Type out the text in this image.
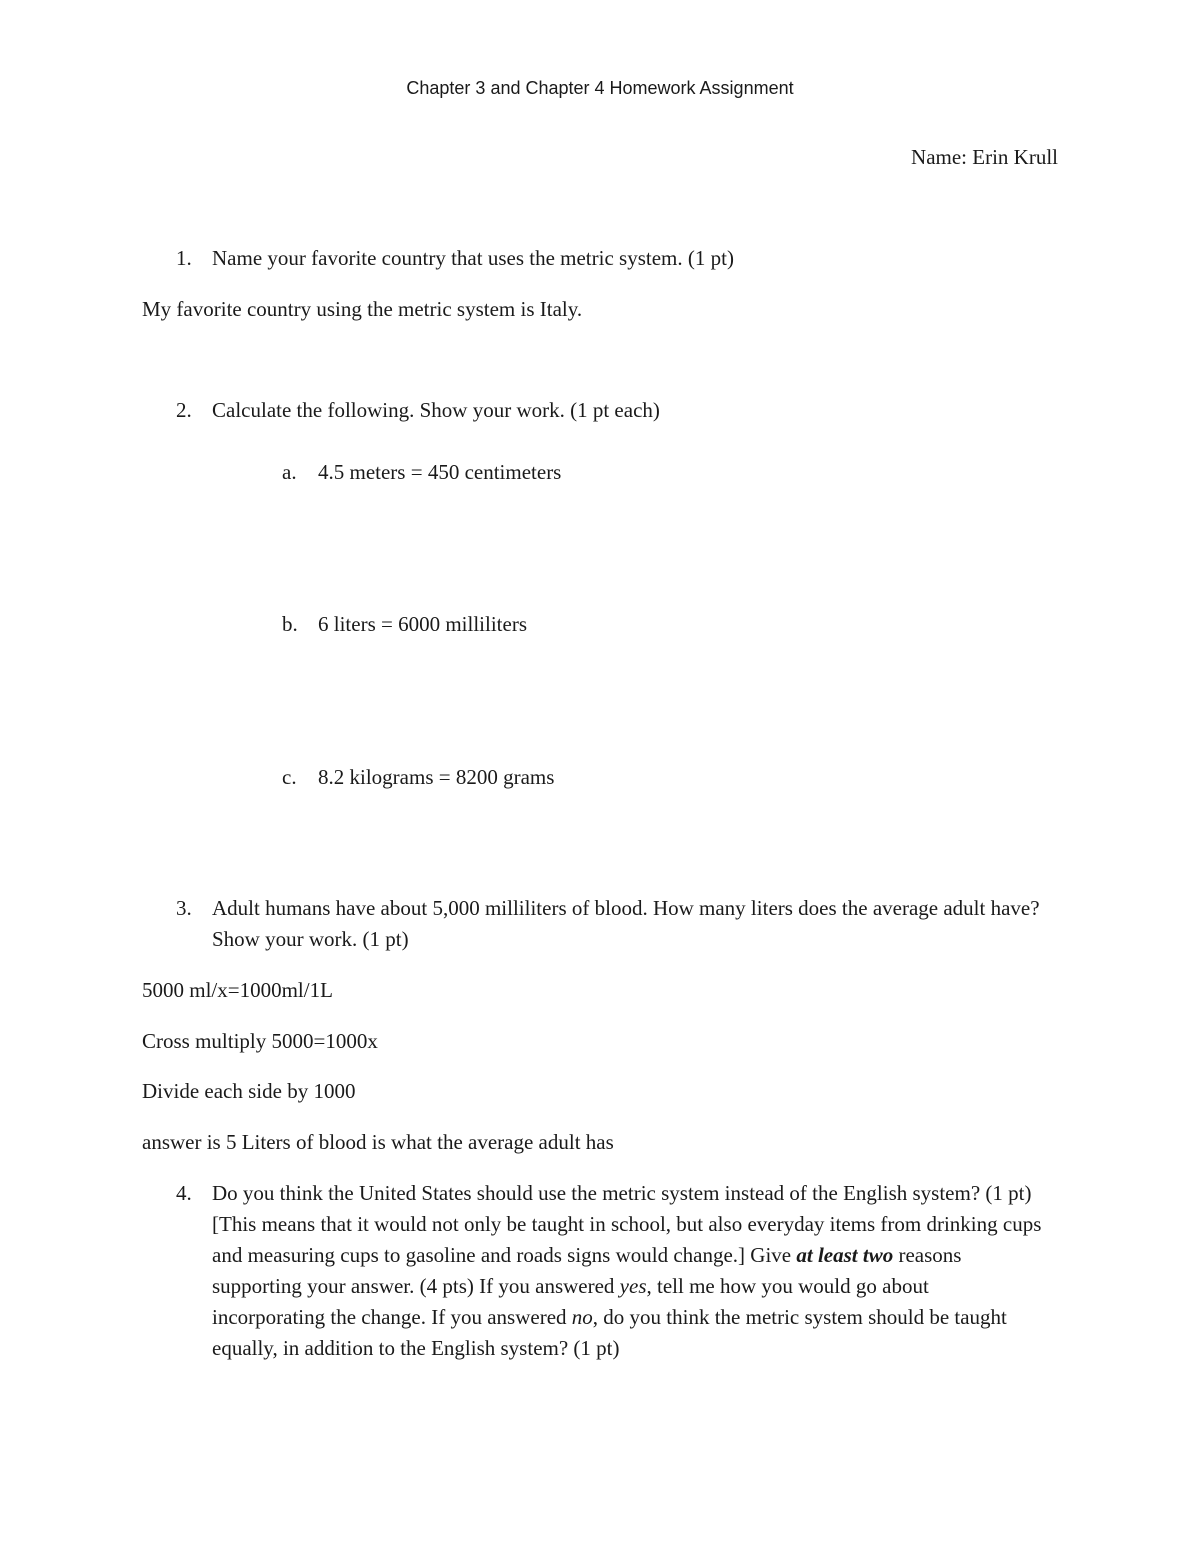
Chapter 3 and Chapter 4 Homework Assignment
Name: Erin Krull
1. Name your favorite country that uses the metric system. (1 pt)
My favorite country using the metric system is Italy.
2. Calculate the following. Show your work. (1 pt each)
a. 4.5 meters = 450 centimeters
b. 6 liters = 6000 milliliters
c. 8.2 kilograms = 8200 grams
3. Adult humans have about 5,000 milliliters of blood. How many liters does the average adult have? Show your work. (1 pt)
5000 ml/x=1000ml/1L
Cross multiply 5000=1000x
Divide each side by 1000
answer is 5 Liters of blood is what the average adult has
4. Do you think the United States should use the metric system instead of the English system? (1 pt) [This means that it would not only be taught in school, but also everyday items from drinking cups and measuring cups to gasoline and roads signs would change.] Give at least two reasons supporting your answer. (4 pts) If you answered yes, tell me how you would go about incorporating the change. If you answered no, do you think the metric system should be taught equally, in addition to the English system? (1 pt)
